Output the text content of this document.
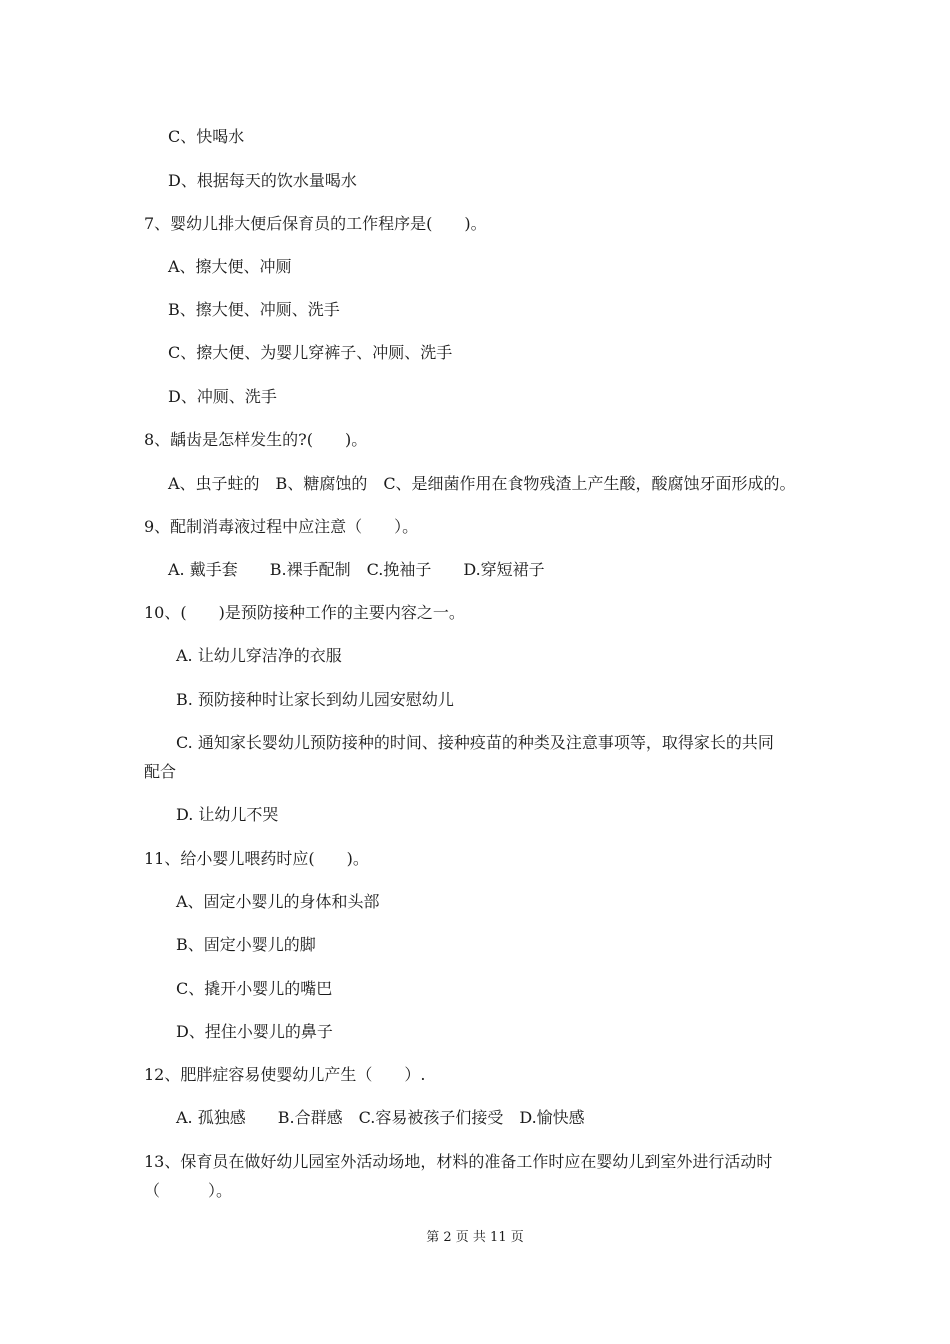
C、快喝水
D、根据每天的饮水量喝水
7、婴幼儿排大便后保育员的工作程序是(　　)。
A、擦大便、冲厕
B、擦大便、冲厕、洗手
C、擦大便、为婴儿穿裤子、冲厕、洗手
D、冲厕、洗手
8、龋齿是怎样发生的?(　　)。
A、虫子蛀的　B、糖腐蚀的　C、是细菌作用在食物残渣上产生酸，酸腐蚀牙面形成的。
9、配制消毒液过程中应注意（　　）。
A. 戴手套　　B.裸手配制　C.挽袖子　　D.穿短裙子
10、(　　)是预防接种工作的主要内容之一。
A. 让幼儿穿洁净的衣服
B. 预防接种时让家长到幼儿园安慰幼儿
C. 通知家长婴幼儿预防接种的时间、接种疫苗的种类及注意事项等，取得家长的共同
配合
D. 让幼儿不哭
11、给小婴儿喂药时应(　　)。
A、固定小婴儿的身体和头部
B、固定小婴儿的脚
C、撬开小婴儿的嘴巴
D、捏住小婴儿的鼻子
12、肥胖症容易使婴幼儿产生（　　）.
A. 孤独感　　B.合群感　C.容易被孩子们接受　D.愉快感
13、保育员在做好幼儿园室外活动场地，材料的准备工作时应在婴幼儿到室外进行活动时
（　　　）。
第 2 页 共 11 页
